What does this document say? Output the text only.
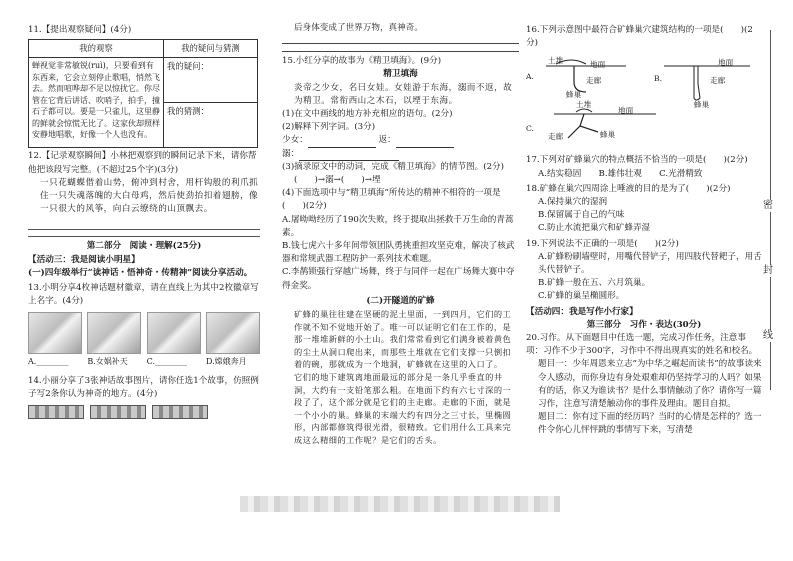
11.【提出观察疑问】(4分)

我的观察	我的疑问与猜测
蝉视觉非常敏锐(ruì)，只要看到有东西来，它会立刻停止歌唱，悄然飞去。然而喧哗却不足以惊扰它。你尽管在它背后讲话、吹哨子，拍手，撞石子都可以。要是一只雀儿，这里静的鲜就会惊慌无比了。这家伙却照样安静地唱歌，好像一个人也没有。	我的疑问：
	我的猜测：

12.【记录观察瞬间】小林把观察到的瞬间记录下来，请你帮他把该段写完整。(不超过25个字)(3分)

一只花蝴蝶借着山势，俯冲到村舍，用杆钩般的利爪抓住一只失魂落魄的大白母鸡，然后使劲抬扣着翅膀，像一只很大的风筝，向白云缭绕的山顶飘去。

第二部分　阅读・理解(25分)

【活动三：我是阅读小明星】

(一)四年级举行“读神话・悟神奇・传精神”阅读分享活动。

13.小明分享4枚神话题材徽章，请在直线上为其中2枚徽章写上名字。(4分)

A.________	B.女娲补天	C.________	D.嫦娥奔月

14.小丽分享了3张神话故事图片，请你任选1个故事，仿照例子写2条你认为神奇的地方。(4分)

后身体变成了世界万物，真神奇。

15.小红分享的故事为《精卫填海》。(9分)

精卫填海

炎帝之少女，名曰女娃。女娃游于东海，溺而不返，故为精卫。常衔西山之木石，以堙于东海。

(1)在文中画线的地方补充相应的语句。(2分)

(2)解释下列字词。(3分)

少女：	返：

溺：

(3)摘录原文中的动词，完成《精卫填海》的情节图。(2分)

(　　)→溺→(　　)→堙

(4)下面选项中与“精卫填海”所传达的精神不相符的一项是(　　)(2分)

A.屠呦呦经历了190次失败，终于提取出拯救千万生命的青蒿素。

B.钱七虎六十多年间带领团队勇挑重担攻坚克难，解决了核武器和常规武器工程防护一系列技术难题。

C.李鹊锁强行穿越广场舞，终于与同伴一起在广场舞大赛中夺得金奖。

(二)开隧道的矿蜂

矿蜂的巢往往建在坚硬的泥土里面，一到四月，它们的工作就不知不觉地开始了。唯一可以证明它们在工作的，是那一堆堆新鲜的小土山。我们常常看到它们满身被着黄色的尘土从洞口爬出来，而那些土堆就在它们支撑一只倒扣着的碗，那就成为一个地洞，矿蜂就在这里的入口了。

它们的地下建筑离地面最远的部分是一条几乎垂直的井洞，大约有一支铅笔那么粗。在地面下约有六七寸深的一段了了，这个部分就是它们的主走廊。走廊的下面，就是一个小小的巢。蜂巢的末端大约有四分之三寸长，里椭圆形，内部都修筑得很光滑，很精致。它们用什么工具来完成这么精细的工作呢？是它们的舌头。

16.下列示意图中最符合矿蜂巢穴建筑结构的一项是(　　)(2分)

A.
土堆	地面
走廊
蜂巢
B.
地面
走廊
蜂巢
C.
土堆
地面
走廊	蜂巢

17.下列对矿蜂巢穴的特点概括不恰当的一项是(　　)(2分)

A.结实稳固　　B.雄伟壮观　　C.光滑精致

18.矿蜂在巢穴四周涂上唾液的目的是为了(　　)(2分)

A.保持巢穴的湿润

B.保留属于自己的气味

C.防止水流把巢穴和矿蜂弄湿

19.下列说法不正确的一项是(　　)(2分)

A.矿蜂粉刷墙壁时，用嘴代替铲子，用四肢代替耙子，用舌头代替铲子。

B.矿蜂一般在五、六月筑巢。

C.矿蜂的巢呈椭圆形。

【活动四：我是写作小行家】

第三部分　习作・表达(30分)

20.习作。从下面题目中任选一题，完成习作任务，注意事项：习作不少于300字，习作中不得出现真实的姓名和校名。

题目一：少年周恩来立志“为中华之崛起而读书”的故事读来令人感动，而你身边有身处艰难却仍坚持学习的人吗？如果有的话，你又为谁读书？是什么事情触动了你？请你写一篇习作，注意写清楚触动你的事件及理由。题目自拟。

题目二：你有过下面的经历吗？当时的心情是怎样的？选一件令你心儿怦怦跳的事情写下来，写清楚

密
封
线
